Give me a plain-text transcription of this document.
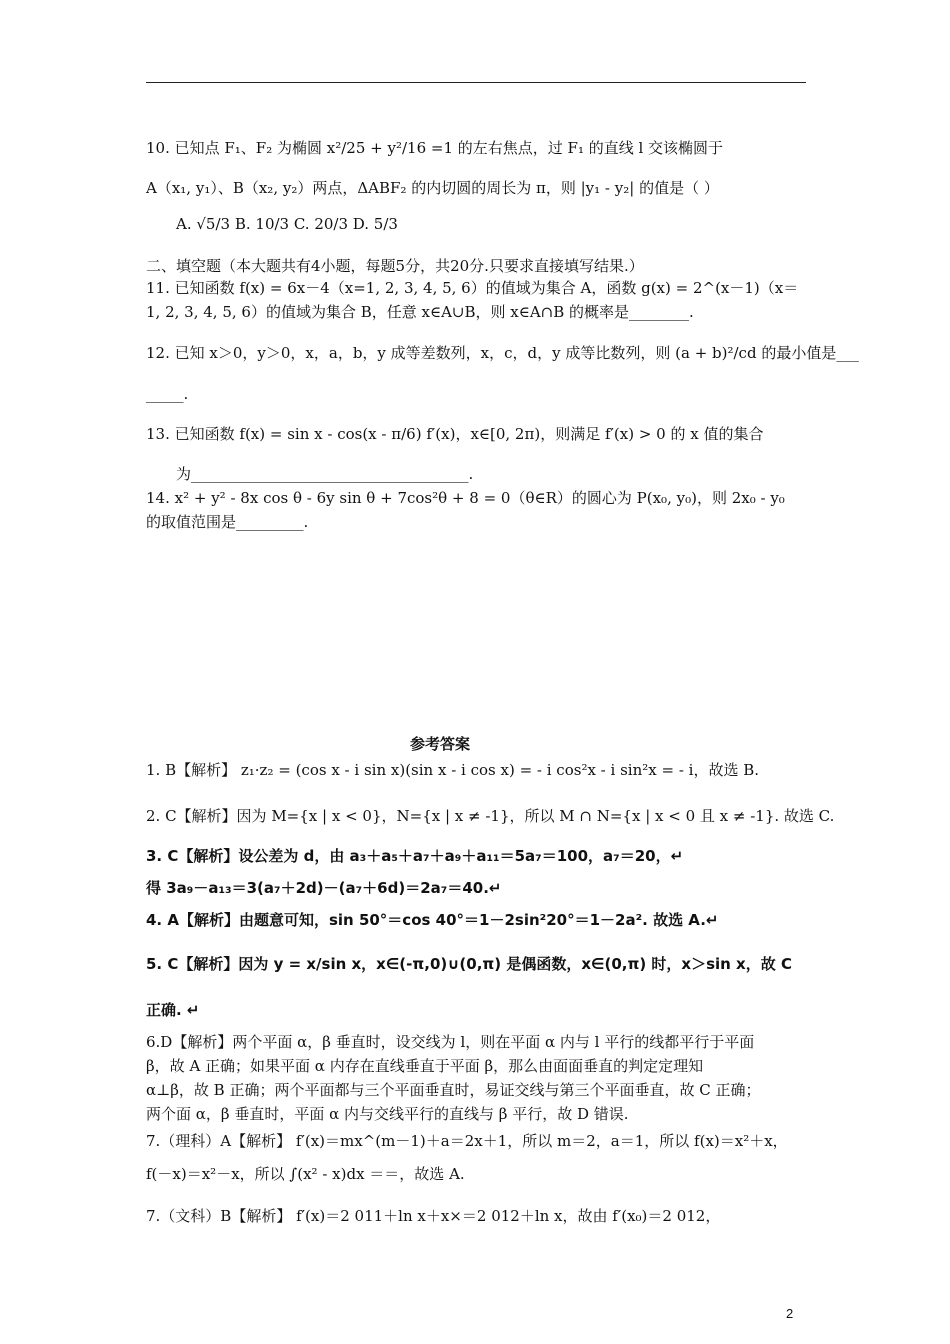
10. 已知点 F₁、F₂ 为椭圆 x²/25 + y²/16 =1 的左右焦点，过 F₁ 的直线 l 交该椭圆于
A（x₁, y₁）、B（x₂, y₂）两点，ΔABF₂ 的内切圆的周长为 π，则 |y₁ - y₂| 的值是（ ）
A. √5/3 B. 10/3 C. 20/3 D. 5/3
二、填空题（本大题共有4小题，每题5分，共20分.只要求直接填写结果.）
11. 已知函数 f(x) = 6x－4（x=1, 2, 3, 4, 5, 6）的值域为集合 A，函数 g(x) = 2^(x－1)（x＝
1, 2, 3, 4, 5, 6）的值域为集合 B，任意 x∈A∪B，则 x∈A∩B 的概率是________.
12. 已知 x＞0，y＞0，x，a，b，y 成等差数列，x，c，d，y 成等比数列，则 (a + b)²/cd 的最小值是___
_____.
13. 已知函数 f(x) = sin x - cos(x - π/6) f′(x)，x∈[0, 2π)，则满足 f′(x) > 0 的 x 值的集合
为_____________________________________.
14. x² + y² - 8x cos θ - 6y sin θ + 7cos²θ + 8 = 0（θ∈R）的圆心为 P(x₀, y₀)，则 2x₀ - y₀
的取值范围是_________.
1. B【解析】 z₁·z₂ = (cos x - i sin x)(sin x - i cos x) = - i cos²x - i sin²x = - i，故选 B.
2. C【解析】因为 M={x | x < 0}，N={x | x ≠ -1}，所以 M ∩ N={x | x < 0 且 x ≠ -1}. 故选 C.
3. C【解析】设公差为 d，由 a₃＋a₅＋a₇＋a₉＋a₁₁＝5a₇＝100，a₇＝20，↵
得 3a₉－a₁₃＝3(a₇＋2d)－(a₇＋6d)＝2a₇＝40.↵
4. A【解析】由题意可知，sin 50°＝cos 40°＝1－2sin²20°＝1－2a². 故选 A.↵
5. C【解析】因为 y = x/sin x，x∈(-π,0)∪(0,π) 是偶函数，x∈(0,π) 时，x＞sin x，故 C
正确. ↵
6.D【解析】两个平面 α，β 垂直时，设交线为 l，则在平面 α 内与 l 平行的线都平行于平面
β，故 A 正确；如果平面 α 内存在直线垂直于平面 β，那么由面面垂直的判定定理知
α⊥β，故 B 正确；两个平面都与三个平面垂直时，易证交线与第三个平面垂直，故 C 正确；
两个面 α，β 垂直时，平面 α 内与交线平行的直线与 β 平行，故 D 错误.
7.（理科）A【解析】 f′(x)＝mx^(m－1)＋a＝2x＋1，所以 m＝2，a＝1，所以 f(x)＝x²＋x，
f(－x)＝x²－x，所以 ∫(x² - x)dx ＝＝，故选 A.
7.（文科）B【解析】 f′(x)＝2 011＋ln x＋x×＝2 012＋ln x，故由 f′(x₀)＝2 012，
参考答案
2
